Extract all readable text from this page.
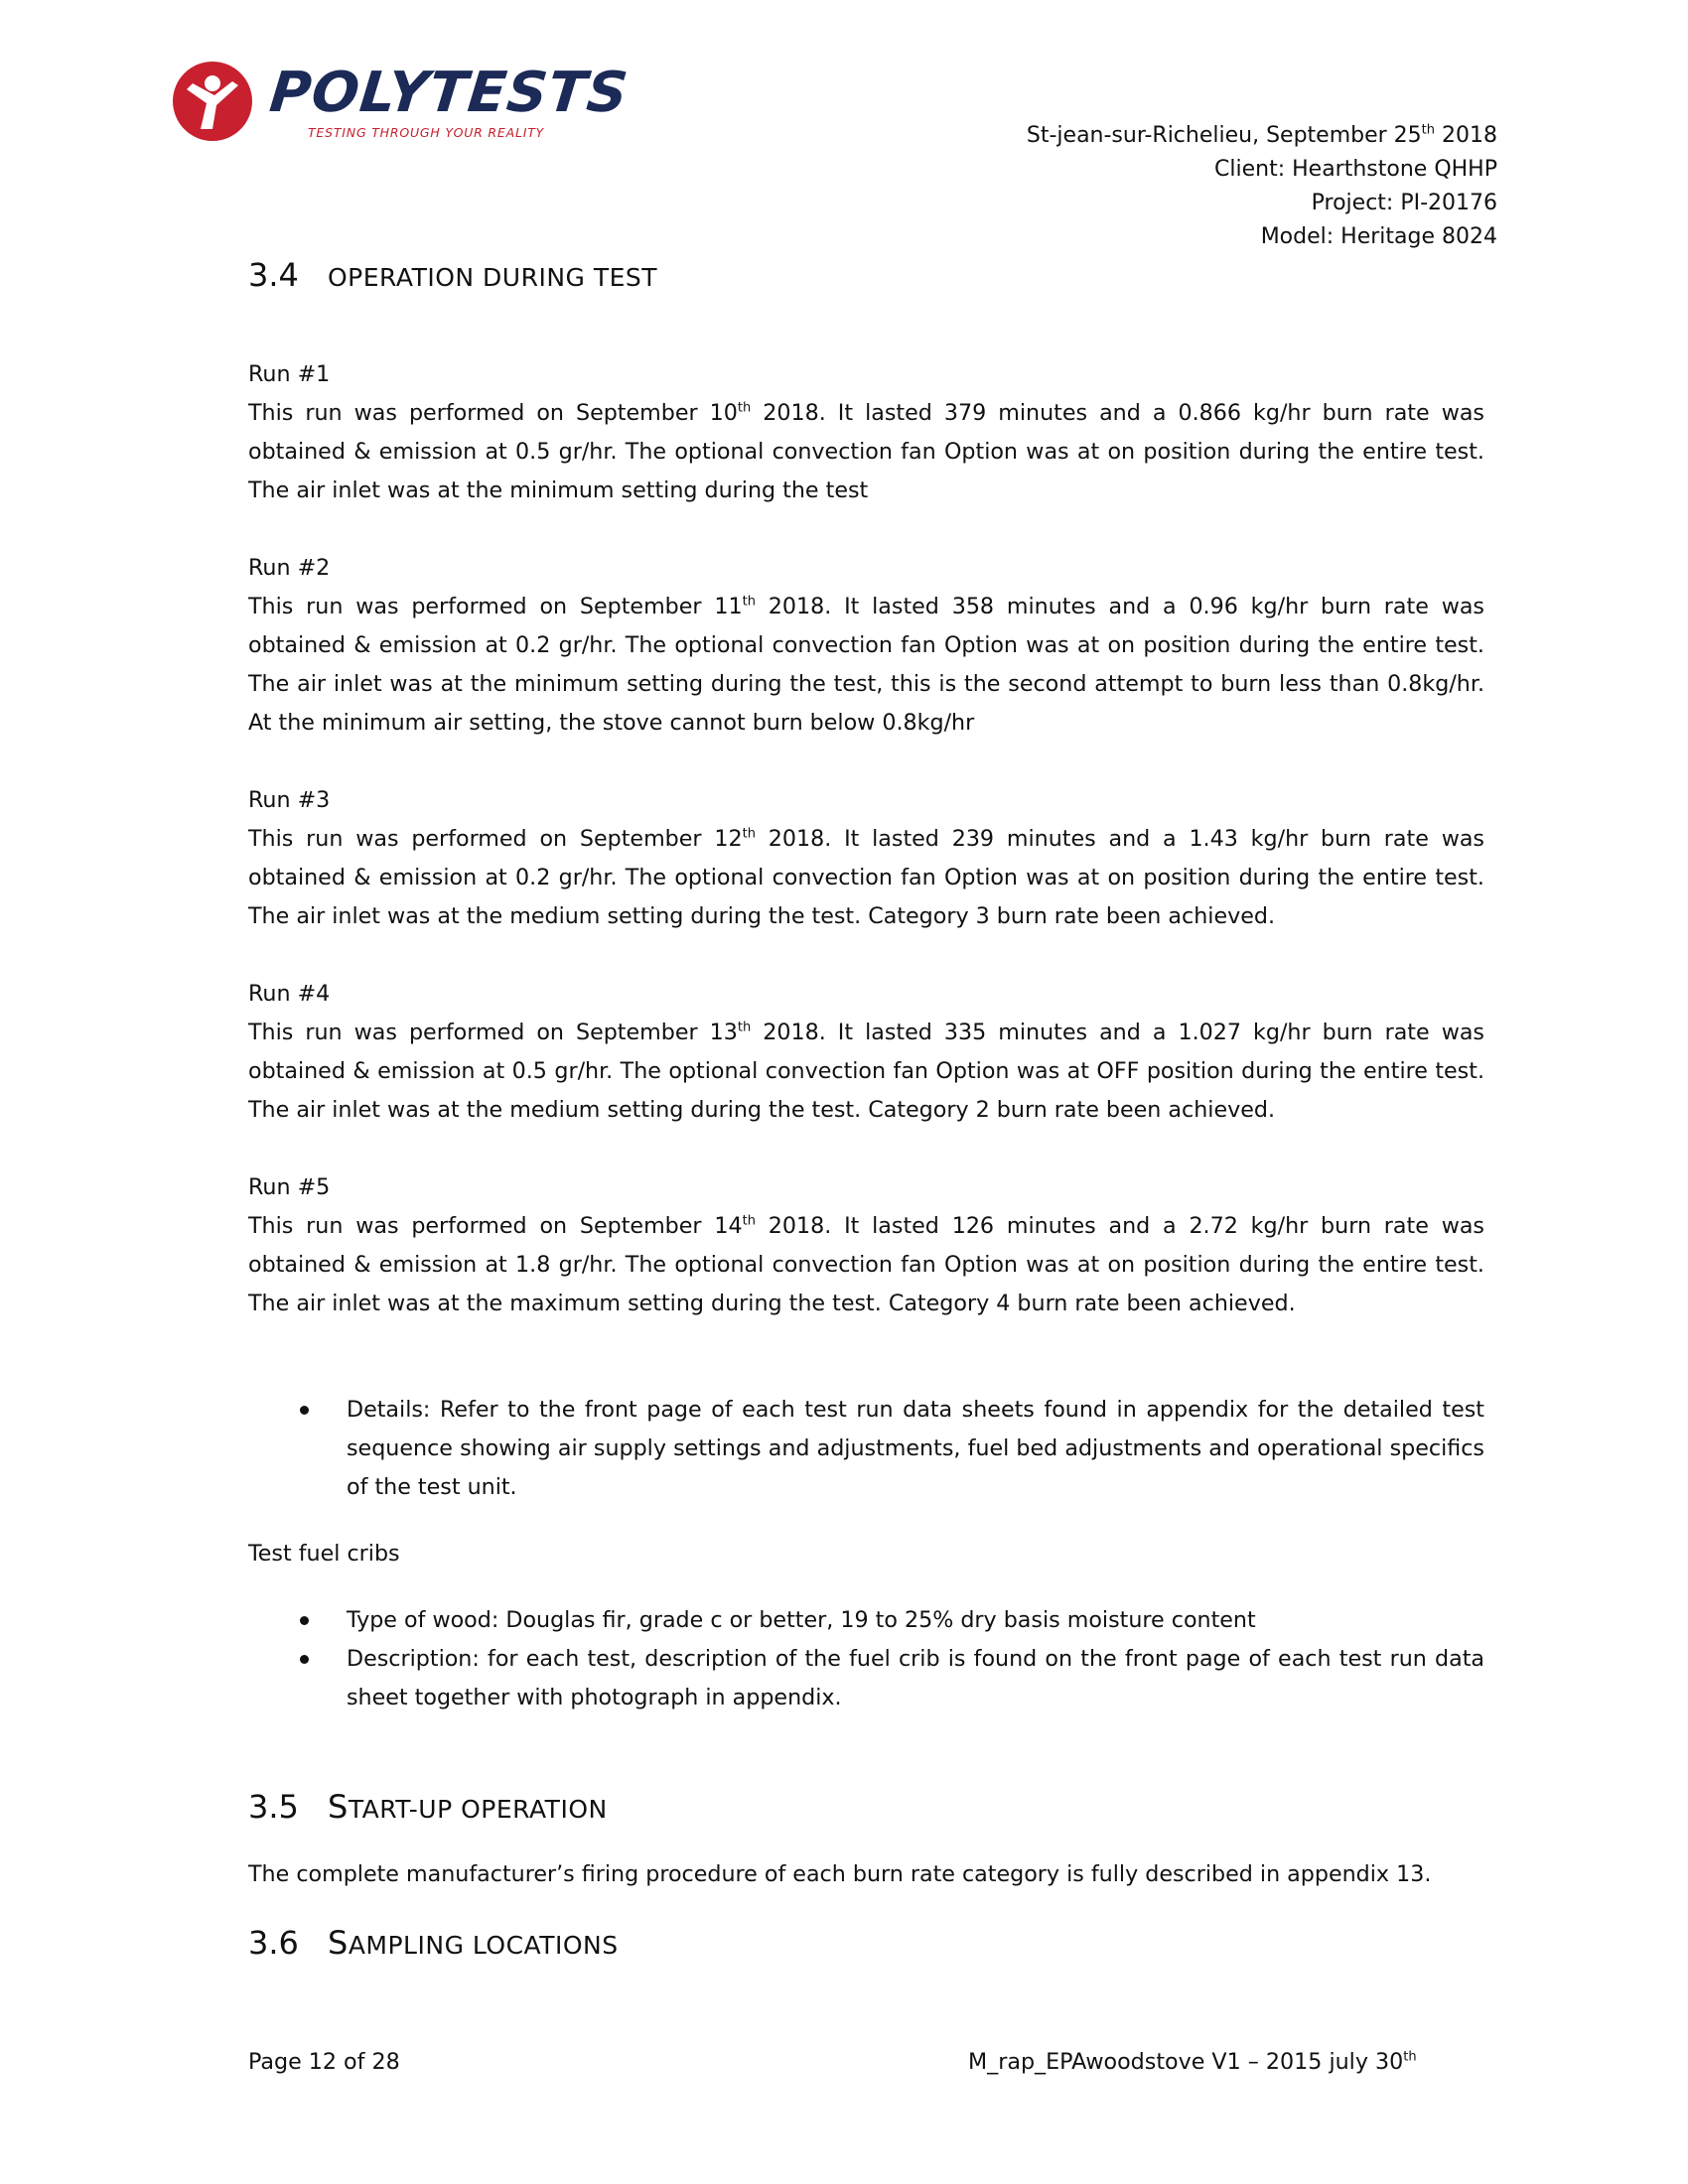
POLYTESTS
TESTING THROUGH YOUR REALITY	St-jean-sur-Richelieu, September 25th 2018
Client: Hearthstone QHHP
Project: PI-20176
Model: Heritage 8024
3.4	OPERATION DURING TEST
Run #1
This run was performed on September 10th 2018. It lasted 379 minutes and a 0.866 kg/hr burn rate was obtained & emission at 0.5 gr/hr. The optional convection fan Option was at on position during the entire test. The air inlet was at the minimum setting during the test
Run #2
This run was performed on September 11th 2018. It lasted 358 minutes and a 0.96 kg/hr burn rate was obtained & emission at 0.2 gr/hr. The optional convection fan Option was at on position during the entire test. The air inlet was at the minimum setting during the test, this is the second attempt to burn less than 0.8kg/hr. At the minimum air setting, the stove cannot burn below 0.8kg/hr
Run #3
This run was performed on September 12th 2018. It lasted 239 minutes and a 1.43 kg/hr burn rate was obtained & emission at 0.2 gr/hr. The optional convection fan Option was at on position during the entire test. The air inlet was at the medium setting during the test. Category 3 burn rate been achieved.
Run #4
This run was performed on September 13th 2018. It lasted 335 minutes and a 1.027 kg/hr burn rate was obtained & emission at 0.5 gr/hr. The optional convection fan Option was at OFF position during the entire test. The air inlet was at the medium setting during the test. Category 2 burn rate been achieved.
Run #5
This run was performed on September 14th 2018. It lasted 126 minutes and a 2.72 kg/hr burn rate was obtained & emission at 1.8 gr/hr. The optional convection fan Option was at on position during the entire test. The air inlet was at the maximum setting during the test. Category 4 burn rate been achieved.
Details: Refer to the front page of each test run data sheets found in appendix for the detailed test sequence showing air supply settings and adjustments, fuel bed adjustments and operational specifics of the test unit.
Test fuel cribs
Type of wood: Douglas fir, grade c or better, 19 to 25% dry basis moisture content
Description: for each test, description of the fuel crib is found on the front page of each test run data sheet together with photograph in appendix.
3.5 START-UP OPERATION
The complete manufacturer’s firing procedure of each burn rate category is fully described in appendix 13.
3.6 SAMPLING LOCATIONS
Page 12 of 28	M_rap_EPAwoodstove V1 – 2015 july 30th
